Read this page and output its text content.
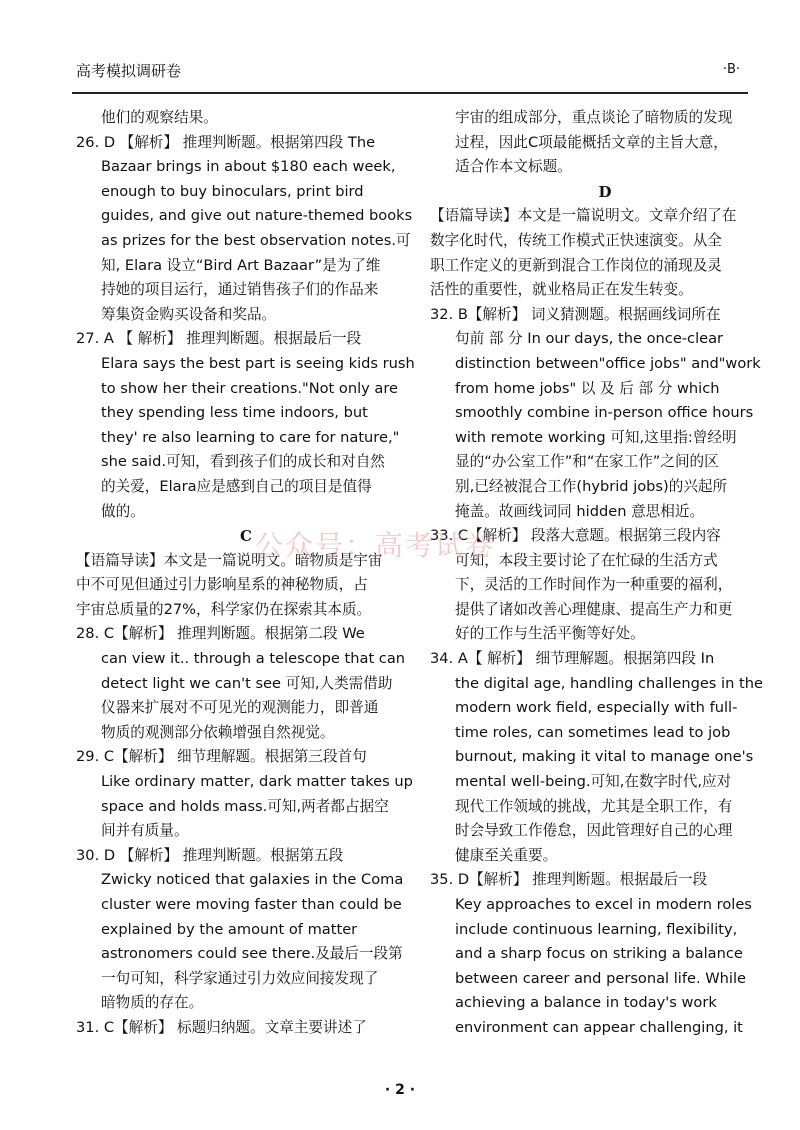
高考模拟调研卷	·B·
他们的观察结果。
26. D 【解析】 推理判断题。根据第四段 The
Bazaar brings in about $180 each week,
enough to buy binoculars, print bird
guides, and give out nature-themed books
as prizes for the best observation notes.可
知, Elara 设立“Bird Art Bazaar”是为了维
持她的项目运行，通过销售孩子们的作品来
筹集资金购买设备和奖品。
27. A 【 解析】 推理判断题。根据最后一段
Elara says the best part is seeing kids rush
to show her their creations."Not only are
they spending less time indoors, but
they' re also learning to care for nature,"
she said.可知，看到孩子们的成长和对自然
的关爱，Elara应是感到自己的项目是值得
做的。
C
【语篇导读】本文是一篇说明文。暗物质是宇宙
中不可见但通过引力影响星系的神秘物质，占
宇宙总质量的27%，科学家仍在探索其本质。
28. C【解析】 推理判断题。根据第二段 We
can view it.. through a telescope that can
detect light we can't see 可知,人类需借助
仪器来扩展对不可见光的观测能力，即普通
物质的观测部分依赖增强自然视觉。
29. C【解析】 细节理解题。根据第三段首句
Like ordinary matter, dark matter takes up
space and holds mass.可知,两者都占据空
间并有质量。
30. D 【解析】 推理判断题。根据第五段
Zwicky noticed that galaxies in the Coma
cluster were moving faster than could be
explained by the amount of matter
astronomers could see there.及最后一段第
一句可知，科学家通过引力效应间接发现了
暗物质的存在。
31. C【解析】 标题归纳题。文章主要讲述了
宇宙的组成部分，重点谈论了暗物质的发现
过程，因此C项最能概括文章的主旨大意，
适合作本文标题。
D
【语篇导读】本文是一篇说明文。文章介绍了在
数字化时代，传统工作模式正快速演变。从全
职工作定义的更新到混合工作岗位的涌现及灵
活性的重要性，就业格局正在发生转变。
32. B【解析】 词义猜测题。根据画线词所在
句前 部 分 In our days, the once-clear
distinction between"office jobs" and"work
from home jobs" 以 及 后 部 分 which
smoothly combine in-person office hours
with remote working 可知,这里指:曾经明
显的“办公室工作”和“在家工作”之间的区
别,已经被混合工作(hybrid jobs)的兴起所
掩盖。故画线词同 hidden 意思相近。
33. C【解析】 段落大意题。根据第三段内容
可知，本段主要讨论了在忙碌的生活方式
下，灵活的工作时间作为一种重要的福利，
提供了诸如改善心理健康、提高生产力和更
好的工作与生活平衡等好处。
34. A【 解析】 细节理解题。根据第四段 In
the digital age, handling challenges in the
modern work field, especially with full-
time roles, can sometimes lead to job
burnout, making it vital to manage one's
mental well-being.可知,在数字时代,应对
现代工作领域的挑战，尤其是全职工作，有
时会导致工作倦怠，因此管理好自己的心理
健康至关重要。
35. D【解析】 推理判断题。根据最后一段
Key approaches to excel in modern roles
include continuous learning, flexibility,
and a sharp focus on striking a balance
between career and personal life. While
achieving a balance in today's work
environment can appear challenging, it
公众号：高考试卷
· 2 ·
